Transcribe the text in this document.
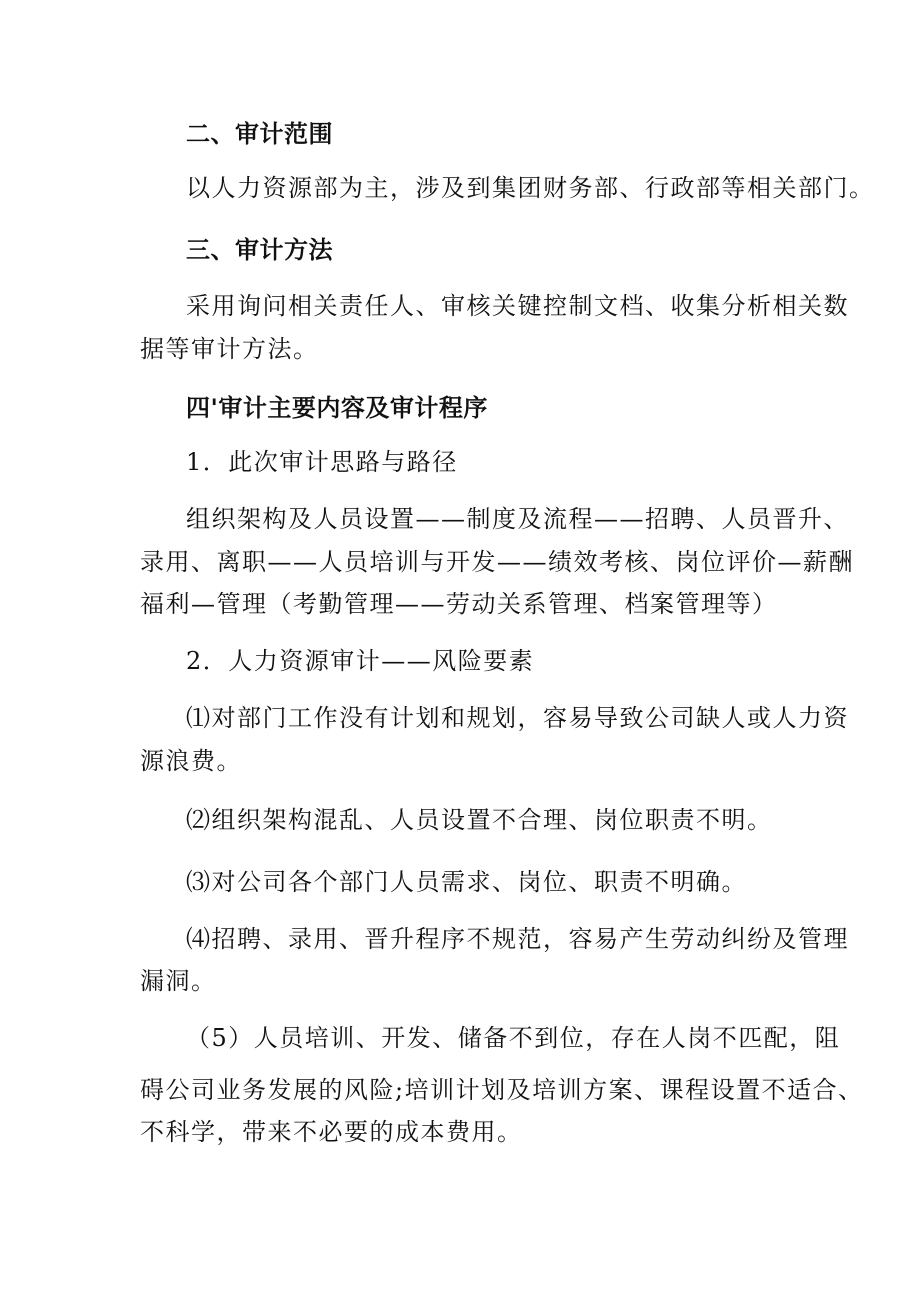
二、审计范围
以人力资源部为主，涉及到集团财务部、行政部等相关部门。
三、审计方法
采用询问相关责任人、审核关键控制文档、收集分析相关数
据等审计方法。
四'审计主要内容及审计程序
1．此次审计思路与路径
组织架构及人员设置——制度及流程——招聘、人员晋升、
录用、离职——人员培训与开发——绩效考核、岗位评价—薪酬
福利—管理（考勤管理——劳动关系管理、档案管理等）
2．人力资源审计——风险要素
⑴对部门工作没有计划和规划，容易导致公司缺人或人力资
源浪费。
⑵组织架构混乱、人员设置不合理、岗位职责不明。
⑶对公司各个部门人员需求、岗位、职责不明确。
⑷招聘、录用、晋升程序不规范，容易产生劳动纠纷及管理
漏洞。
（5）人员培训、开发、储备不到位，存在人岗不匹配，阻
碍公司业务发展的风险;培训计划及培训方案、课程设置不适合、
不科学，带来不必要的成本费用。
